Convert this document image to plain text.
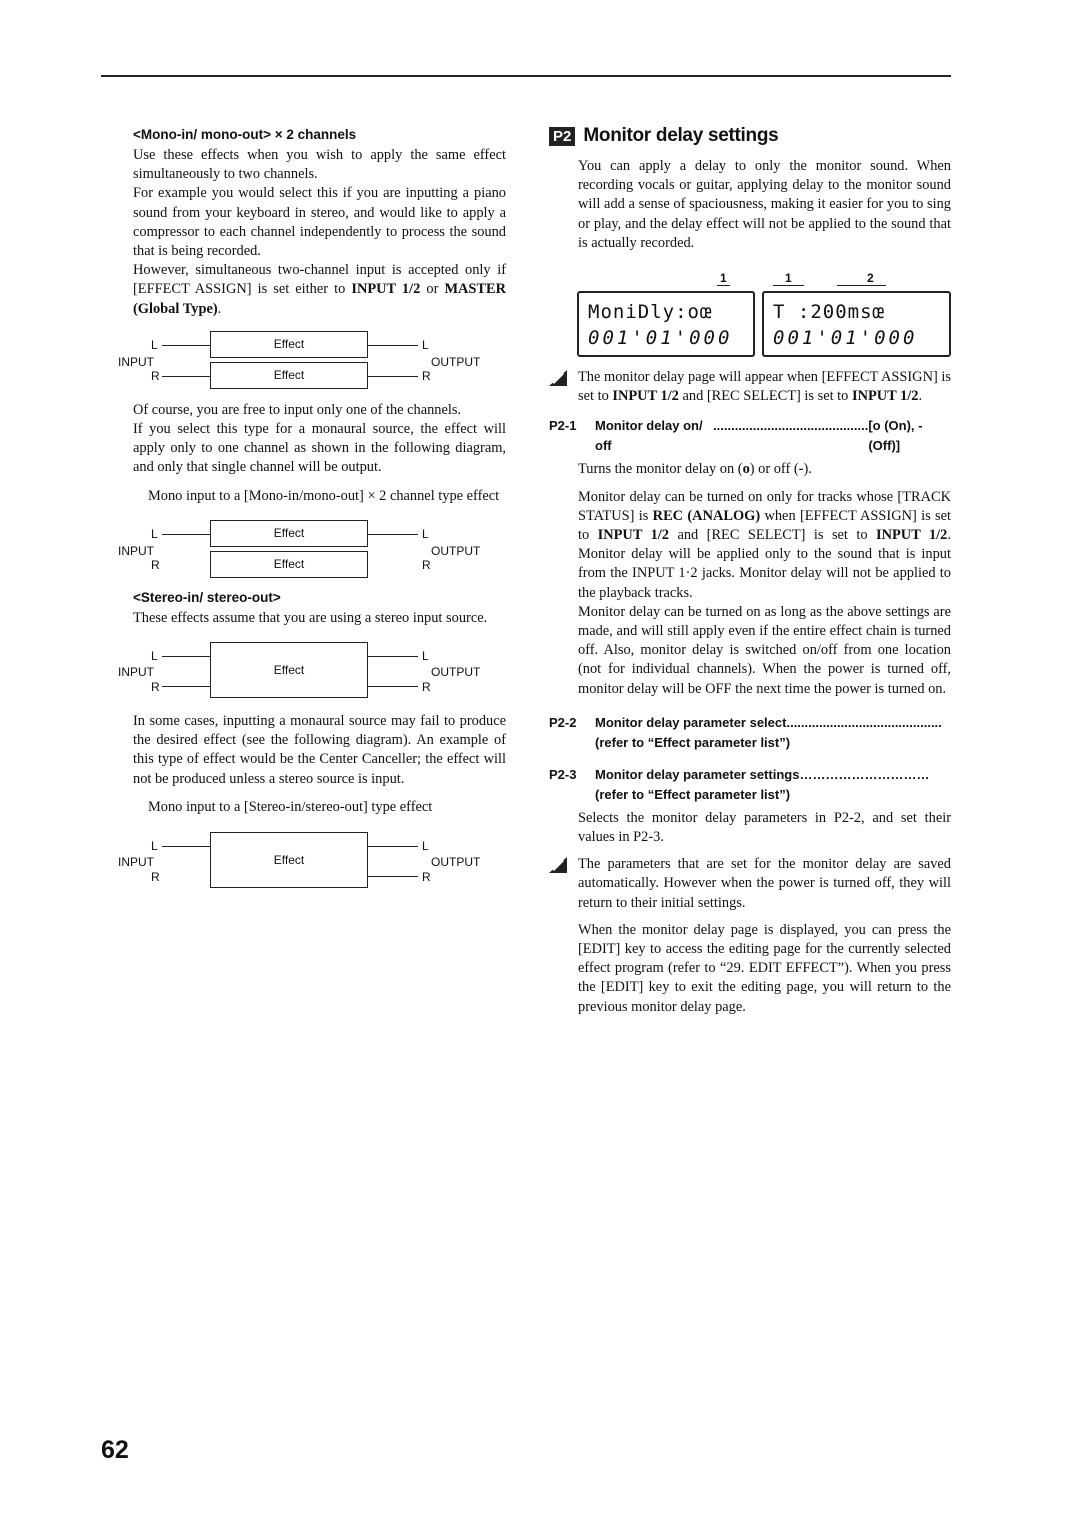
<Mono-in/ mono-out> × 2 channels

Use these effects when you wish to apply the same effect simultaneously to two channels.

For example you would select this if you are inputting a piano sound from your keyboard in stereo, and would like to apply a compressor to each channel independently to process the sound that is being recorded.

However, simultaneous two-channel input is accepted only if [EFFECT ASSIGN] is set either to INPUT 1/2 or MASTER (Global Type).

L	Effect	L
INPUT	OUTPUT
R	Effect	R

Of course, you are free to input only one of the channels.

If you select this type for a monaural source, the effect will apply only to one channel as shown in the following diagram, and only that single channel will be output.

Mono input to a [Mono-in/mono-out] × 2 channel type effect

L	Effect	L
INPUT	OUTPUT
R	Effect	R
<Stereo-in/ stereo-out>

These effects assume that you are using a stereo input source.

L
Effect
L
INPUT	OUTPUT
R	R

In some cases, inputting a monaural source may fail to produce the desired effect (see the following diagram). An example of this type of effect would be the Center Canceller; the effect will not be produced unless a stereo source is input.

Mono input to a [Stereo-in/stereo-out] type effect

L
Effect
L
INPUT	OUTPUT
R	R
P2 Monitor delay settings

You can apply a delay to only the monitor sound. When recording vocals or guitar, applying delay to the monitor sound will add a sense of spaciousness, making it easier for you to sing or play, and the delay effect will not be applied to the sound that is actually recorded.

1	1	2
MoniDly:oœ
001'01'000
T :200msœ
001'01'000

The monitor delay page will appear when [EFFECT ASSIGN] is set to INPUT 1/2 and [REC SELECT] is set to INPUT 1/2.

P2-1	Monitor delay on/ off
........................................... [o (On), - (Off)]

Turns the monitor delay on (o) or off (-).

Monitor delay can be turned on only for tracks whose [TRACK STATUS] is REC (ANALOG) when [EFFECT ASSIGN] is set to INPUT 1/2 and [REC SELECT] is set to INPUT 1/2. Monitor delay will be applied only to the sound that is input from the INPUT 1·2 jacks. Monitor delay will not be applied to the playback tracks.

Monitor delay can be turned on as long as the above settings are made, and will still apply even if the entire effect chain is turned off. Also, monitor delay is switched on/off from one location (not for individual channels). When the power is turned off, monitor delay will be OFF the next time the power is turned on.

P2-2	Monitor delay parameter select ...........................................
(refer to “Effect parameter list”)
P2-3	Monitor delay parameter settings …………………………
(refer to “Effect parameter list”)

Selects the monitor delay parameters in P2-2, and set their values in P2-3.

The parameters that are set for the monitor delay are saved automatically. However when the power is turned off, they will return to their initial settings.

When the monitor delay page is displayed, you can press the [EDIT] key to access the editing page for the currently selected effect program (refer to “29. EDIT EFFECT”). When you press the [EDIT] key to exit the editing page, you will return to the previous monitor delay page.

62
